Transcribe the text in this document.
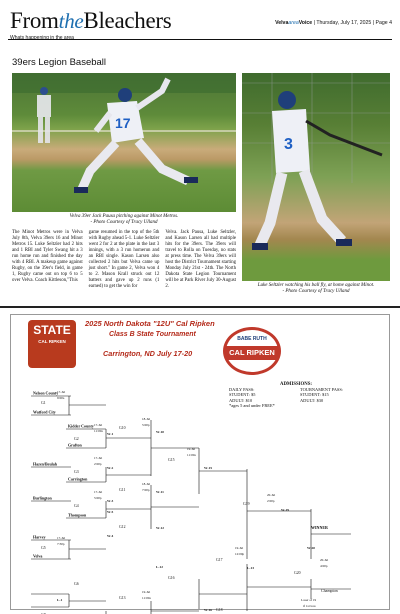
FromtheBleachers
Whats happening in the area
VelvaareaVoice | Thursday, July 17, 2025 | Page 4
39ers Legion Baseball
17
Velva 39er Jack Pausa pitching against Minot Metros.
- Photo Courtesy of Tracy Ulland
3
Luke Seltzler watching his ball fly, at home against Minot.
- Photo Courtesy of Tracy Ulland
The Minot Metros were in Velva July 8th, Velva 39ers 16 and Minot Metros 15. Luke Seltzler had 2 hits and 1 RBI and Tyler Swang hit a 3 run home run and finished the day with 4 RBI. A makeup game against Rugby, on the 39er's field, in game 1, Rugby came out on top 6 to 5 over Velva. Coach Kittleson,"This
game resumed in the top of the 5th with Rugby ahead 5-1. Luke Seltzler went 2 for 2 at the plate in the last 3 innings, with a 3 run homerun and an RBI single. Kason Larsen also collected 2 hits but Velva came up just short." In game 2, Velva won 4 to 2. Mason Krall struck out 12 batters and gave up 2 runs (1 earned) to get the win for
Velva. Jack Pausa, Luke Seltzler, and Kason Larsen all had multiple hits for the 39ers. The 39ers will travel to Rolla on Tuesday, no stats at press time. The Velva 39ers will host the District Tournament starting Monday July 21st - 24th. The North Dakota State Legion Tournament will be at Park River July 30-August 2.
STATE
CAL RIPKEN
2025 North Dakota "12U" Cal Ripken
Class B State Tournament
Carrington, ND July 17-20
BABE RUTH
CAL RIPKEN
ADMISSIONS:
DAILY PASS:	TOURNAMENT PASS:
STUDENT: $5	STUDENT: $15
ADULT: $10	ADULT: $30
*ages 5 and under FREE*
Nelson County
Watford City
Kidder County
Grafton
Hazen/Beulah
Carrington
Burlington
Thompson
Harvey
Velva
G1
G2
G3
G4
G5
G6
G10
G11
G12
G13
G15
G16
G17
G18
G19
G20
17-Jul
9:00a
17-Jul
11:00a
17-Jul
2:00p
17-Jul
5:00p
17-Jul
7:30p
18-Jul
5:00p
18-Jul
7:00p
19-Jul
11:00a
19-Jul
11:00a
19-Jul
12:00p
20-Jul
2:00p
20-Jul
4:00p
W-1
W-2
W-3
W-4
W-5
W-10
W-11
W-12
W-15
W-19
W-20
L-12	L-13
L-1
W-16
WINNER
Champion
Loser of 19
if 1st loss
